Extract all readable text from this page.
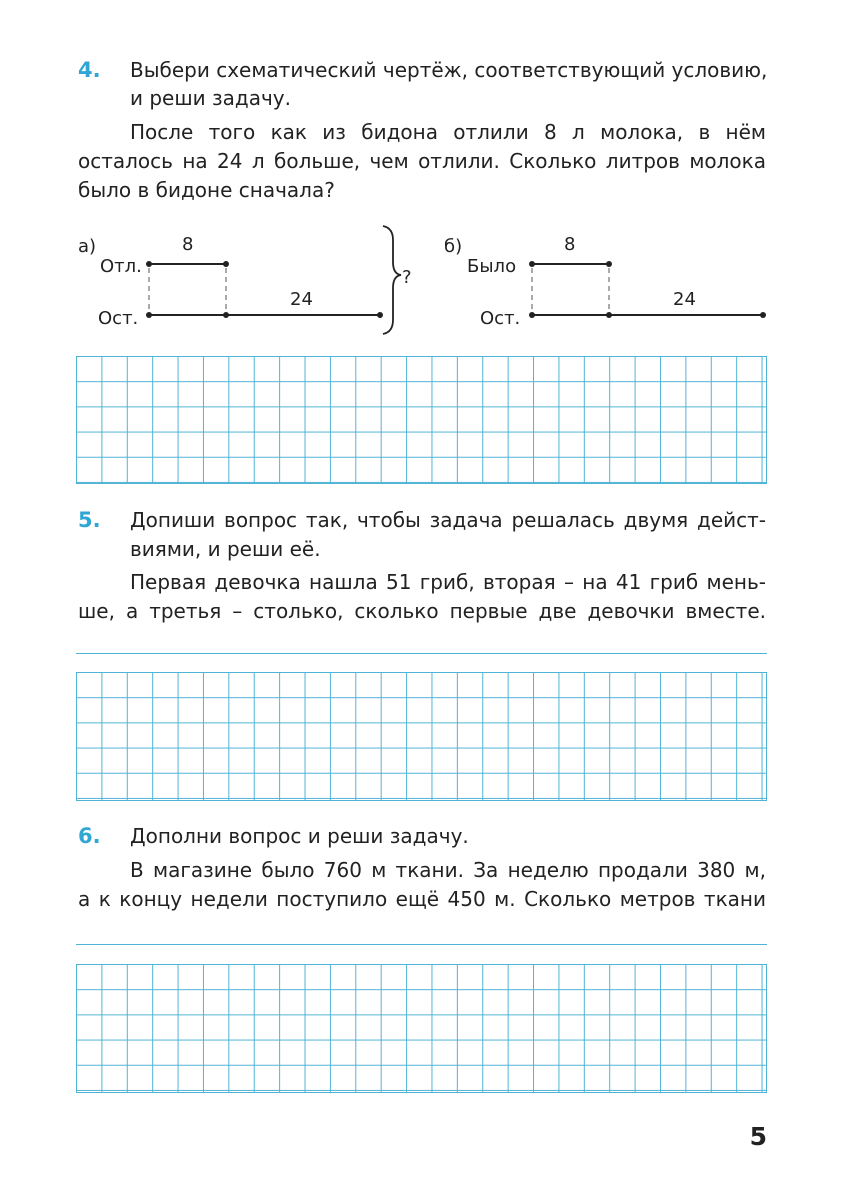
4. Выбери схематический чертёж, соответствующий условию,
и реши задачу.
После того как из бидона отлили 8 л молока, в нём
осталось на 24 л больше, чем отлили. Сколько литров молока
было в бидоне сначала?
а)
Отл.
Ост.
8
24
?
б)
Было
Ост.
8
24
5. Допиши вопрос так, чтобы задача решалась двумя дейст-
виями, и реши её.
Первая девочка нашла 51 гриб, вторая – на 41 гриб мень-
ше, а третья – столько, сколько первые две девочки вместе.
6. Дополни вопрос и реши задачу.
В магазине было 760 м ткани. За неделю продали 380 м,
а к концу недели поступило ещё 450 м. Сколько метров ткани
5
